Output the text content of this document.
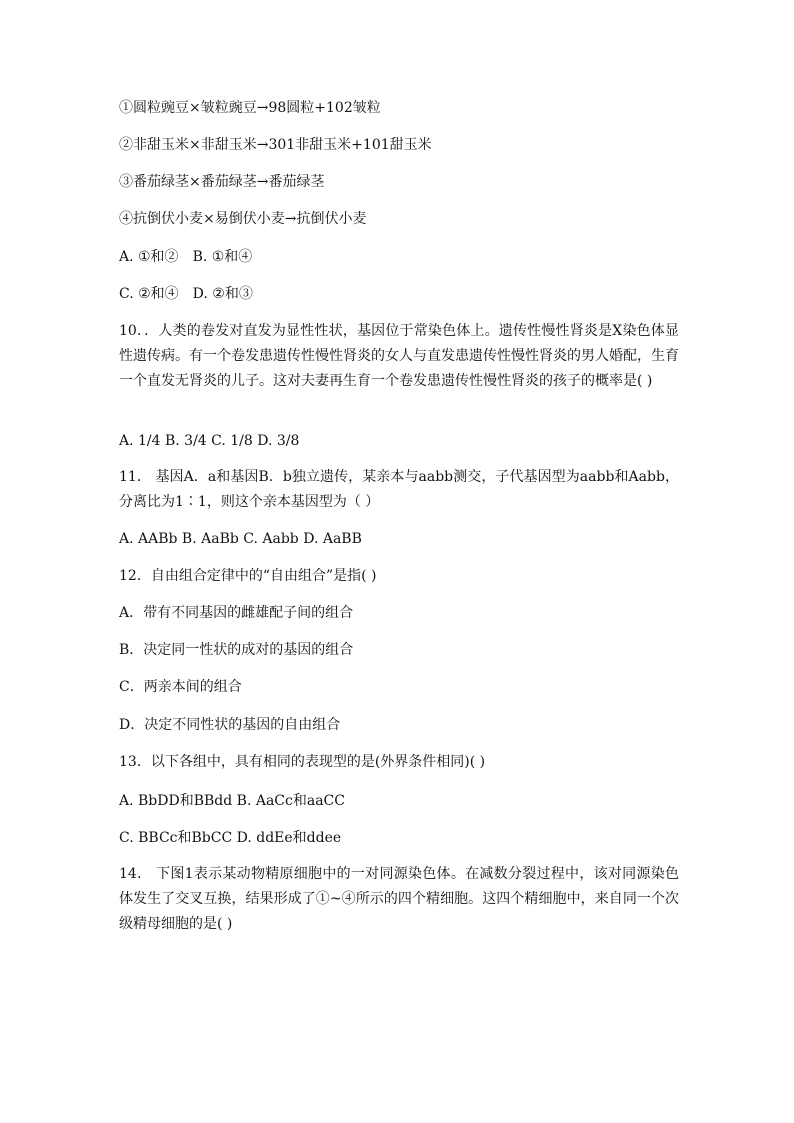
①圆粒豌豆×皱粒豌豆→98圆粒+102皱粒
②非甜玉米×非甜玉米→301非甜玉米+101甜玉米
③番茄绿茎×番茄绿茎→番茄绿茎
④抗倒伏小麦×易倒伏小麦→抗倒伏小麦
A. ①和② B. ①和④
C. ②和④ D. ②和③
10．．人类的卷发对直发为显性性状，基因位于常染色体上。遗传性慢性肾炎是X染色体显性遗传病。有一个卷发患遗传性慢性肾炎的女人与直发患遗传性慢性肾炎的男人婚配，生育一个直发无肾炎的儿子。这对夫妻再生育一个卷发患遗传性慢性肾炎的孩子的概率是( )
A. 1/4 B. 3/4 C. 1/8 D. 3/8
11． 基因A．a和基因B．b独立遗传，某亲本与aabb测交，子代基因型为aabb和Aabb，分离比为1∶1，则这个亲本基因型为（ ）
A. AABb B. AaBb C. Aabb D. AaBB
12．自由组合定律中的“自由组合”是指( )
A．带有不同基因的雌雄配子间的组合
B．决定同一性状的成对的基因的组合
C．两亲本间的组合
D．决定不同性状的基因的自由组合
13．以下各组中，具有相同的表现型的是(外界条件相同)( )
A. BbDD和BBdd B. AaCc和aaCC
C. BBCc和BbCC D. ddEe和ddee
14． 下图1表示某动物精原细胞中的一对同源染色体。在减数分裂过程中，该对同源染色体发生了交叉互换，结果形成了①~④所示的四个精细胞。这四个精细胞中，来自同一个次级精母细胞的是( )
